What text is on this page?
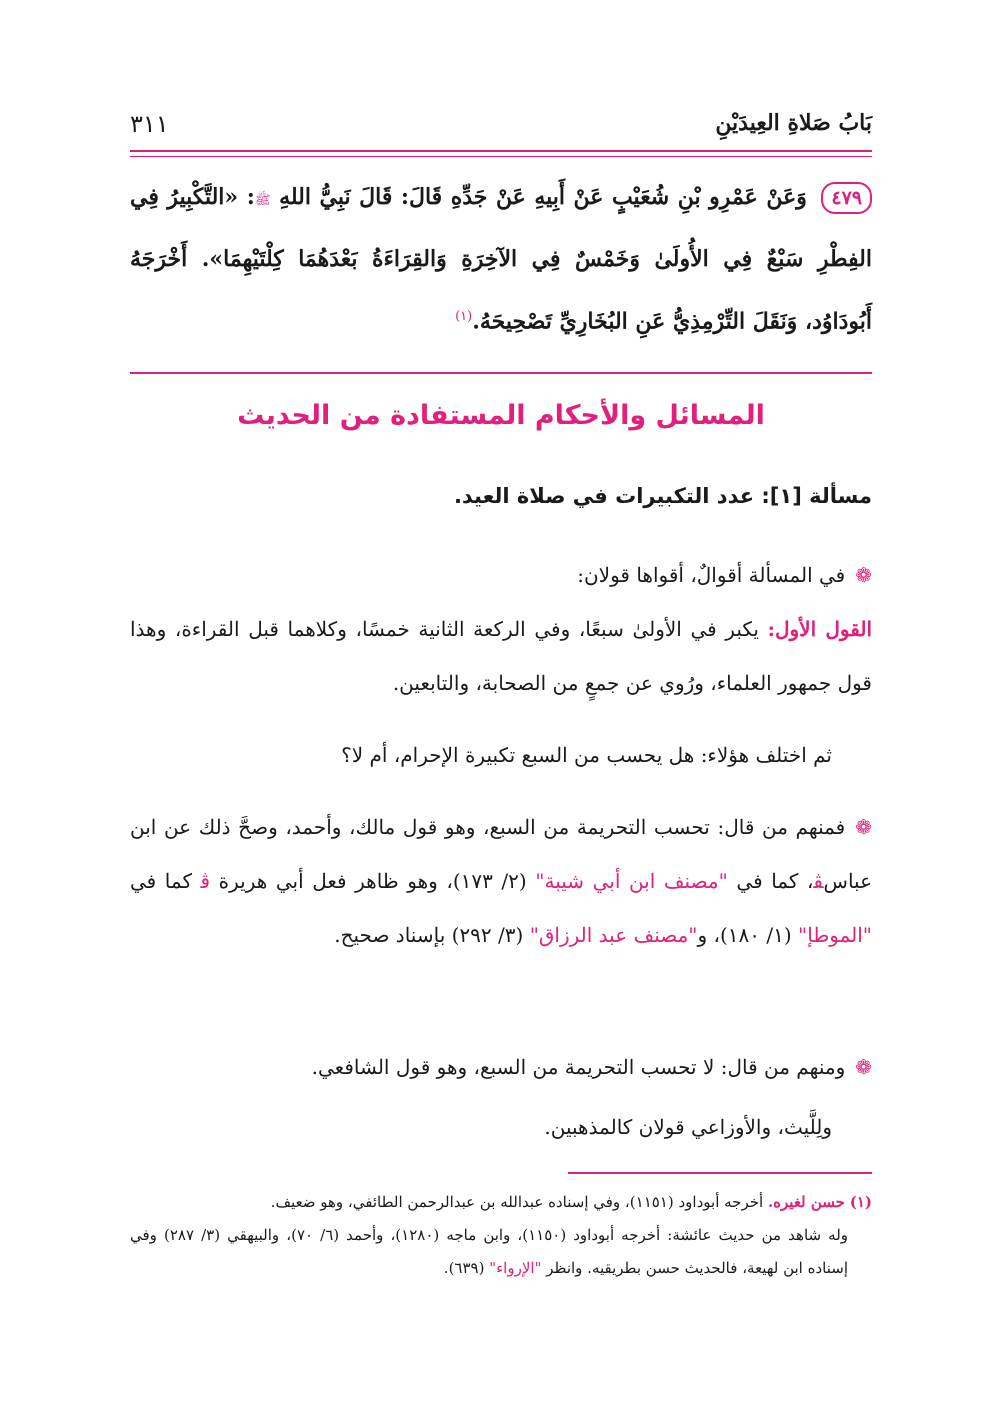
٣١١	بَابُ صَلاةِ العِيدَيْنِ
٤٧٩ وَعَنْ عَمْرِو بْنِ شُعَيْبٍ عَنْ أَبِيهِ عَنْ جَدِّهِ قَالَ: قَالَ نَبِيُّ اللهِ ﷺ: «التَّكْبِيرُ فِي الفِطْرِ سَبْعٌ فِي الأُولَىٰ وَخَمْسٌ فِي الآخِرَةِ وَالقِرَاءَةُ بَعْدَهُمَا كِلْتَيْهِمَا». أَخْرَجَهُ أَبُودَاوُد، وَنَقَلَ التِّرْمِذِيُّ عَنِ البُخَارِيِّ تَصْحِيحَهُ.$^{(١)}$
المسائل والأحكام المستفادة من الحديث
مسألة [١]: عدد التكبيرات في صلاة العيد.
❁في المسألة أقوالٌ، أقواها قولان:
القول الأول: يكبر في الأولىٰ سبعًا، وفي الركعة الثانية خمسًا، وكلاهما قبل القراءة، وهذا قول جمهور العلماء، ورُوي عن جمعٍ من الصحابة، والتابعين.
ثم اختلف هؤلاء: هل يحسب من السبع تكبيرة الإحرام، أم لا؟
❁فمنهم من قال: تحسب التحريمة من السبع، وهو قول مالك، وأحمد، وصحَّ ذلك عن ابن عباسﭭ، كما في "مصنف ابن أبي شيبة" (٢/ ١٧٣)، وهو ظاهر فعل أبي هريرة ﭬ كما في "الموطإ" (١/ ١٨٠)، و"مصنف عبد الرزاق" (٣/ ٢٩٢) بإسناد صحيح.
❁ومنهم من قال: لا تحسب التحريمة من السبع، وهو قول الشافعي.
ولِلَّيث، والأوزاعي قولان كالمذهبين.
(١) حسن لغيره. أخرجه أبوداود (١١٥١)، وفي إسناده عبدالله بن عبدالرحمن الطائفي، وهو ضعيف.
وله شاهد من حديث عائشة: أخرجه أبوداود (١١٥٠)، وابن ماجه (١٢٨٠)، وأحمد (٦/ ٧٠)، والبيهقي (٣/ ٢٨٧) وفي إسناده ابن لهيعة، فالحديث حسن بطريقيه. وانظر "الإرواء" (٦٣٩).
